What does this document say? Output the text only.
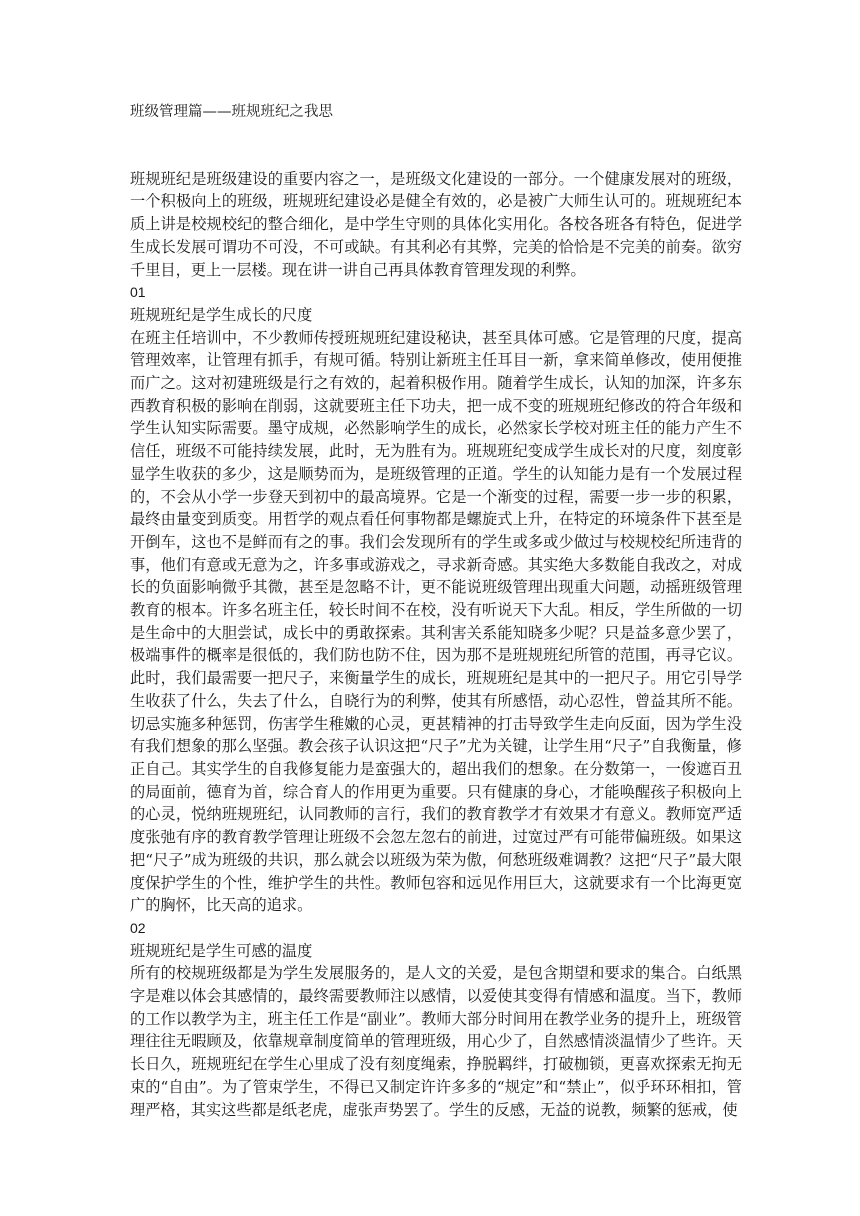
班级管理篇——班规班纪之我思

班规班纪是班级建设的重要内容之一，是班级文化建设的一部分。一个健康发展对的班级，一个积极向上的班级，班规班纪建设必是健全有效的，必是被广大师生认可的。班规班纪本质上讲是校规校纪的整合细化，是中学生守则的具体化实用化。各校各班各有特色，促进学生成长发展可谓功不可没，不可或缺。有其利必有其弊，完美的恰恰是不完美的前奏。欲穷千里目，更上一层楼。现在讲一讲自己再具体教育管理发现的利弊。

01

班规班纪是学生成长的尺度

在班主任培训中，不少教师传授班规班纪建设秘诀，甚至具体可感。它是管理的尺度，提高管理效率，让管理有抓手，有规可循。特别让新班主任耳目一新，拿来简单修改，使用便推而广之。这对初建班级是行之有效的，起着积极作用。随着学生成长，认知的加深，许多东西教育积极的影响在削弱，这就要班主任下功夫，把一成不变的班规班纪修改的符合年级和学生认知实际需要。墨守成规，必然影响学生的成长，必然家长学校对班主任的能力产生不信任，班级不可能持续发展，此时，无为胜有为。班规班纪变成学生成长对的尺度，刻度彰显学生收获的多少，这是顺势而为，是班级管理的正道。学生的认知能力是有一个发展过程的，不会从小学一步登天到初中的最高境界。它是一个渐变的过程，需要一步一步的积累，最终由量变到质变。用哲学的观点看任何事物都是螺旋式上升，在特定的环境条件下甚至是开倒车，这也不是鲜而有之的事。我们会发现所有的学生或多或少做过与校规校纪所违背的事，他们有意或无意为之，许多事或游戏之，寻求新奇感。其实绝大多数能自我改之，对成长的负面影响微乎其微，甚至是忽略不计，更不能说班级管理出现重大问题，动摇班级管理教育的根本。许多名班主任，较长时间不在校，没有听说天下大乱。相反，学生所做的一切是生命中的大胆尝试，成长中的勇敢探索。其利害关系能知晓多少呢？只是益多意少罢了，极端事件的概率是很低的，我们防也防不住，因为那不是班规班纪所管的范围，再寻它议。此时，我们最需要一把尺子，来衡量学生的成长，班规班纪是其中的一把尺子。用它引导学生收获了什么，失去了什么，自晓行为的利弊，使其有所感悟，动心忍性，曾益其所不能。切忌实施多种惩罚，伤害学生稚嫩的心灵，更甚精神的打击导致学生走向反面，因为学生没有我们想象的那么坚强。教会孩子认识这把“尺子”尤为关键，让学生用“尺子”自我衡量，修正自己。其实学生的自我修复能力是蛮强大的，超出我们的想象。在分数第一，一俊遮百丑的局面前，德育为首，综合育人的作用更为重要。只有健康的身心，才能唤醒孩子积极向上的心灵，悦纳班规班纪，认同教师的言行，我们的教育教学才有效果才有意义。教师宽严适度张弛有序的教育教学管理让班级不会忽左忽右的前进，过宽过严有可能带偏班级。如果这把“尺子”成为班级的共识，那么就会以班级为荣为傲，何愁班级难调教？这把“尺子”最大限度保护学生的个性，维护学生的共性。教师包容和远见作用巨大，这就要求有一个比海更宽广的胸怀，比天高的追求。

02

班规班纪是学生可感的温度

所有的校规班级都是为学生发展服务的，是人文的关爱，是包含期望和要求的集合。白纸黑字是难以体会其感情的，最终需要教师注以感情，以爱使其变得有情感和温度。当下，教师的工作以教学为主，班主任工作是“副业”。教师大部分时间用在教学业务的提升上，班级管理往往无暇顾及，依靠规章制度简单的管理班级，用心少了，自然感情淡温情少了些许。天长日久，班规班纪在学生心里成了没有刻度绳索，挣脱羁绊，打破枷锁，更喜欢探索无拘无束的“自由”。为了管束学生，不得已又制定许许多多的“规定”和“禁止”，似乎环环相扣，管理严格，其实这些都是纸老虎，虚张声势罢了。学生的反感，无益的说教，频繁的惩戒，使
